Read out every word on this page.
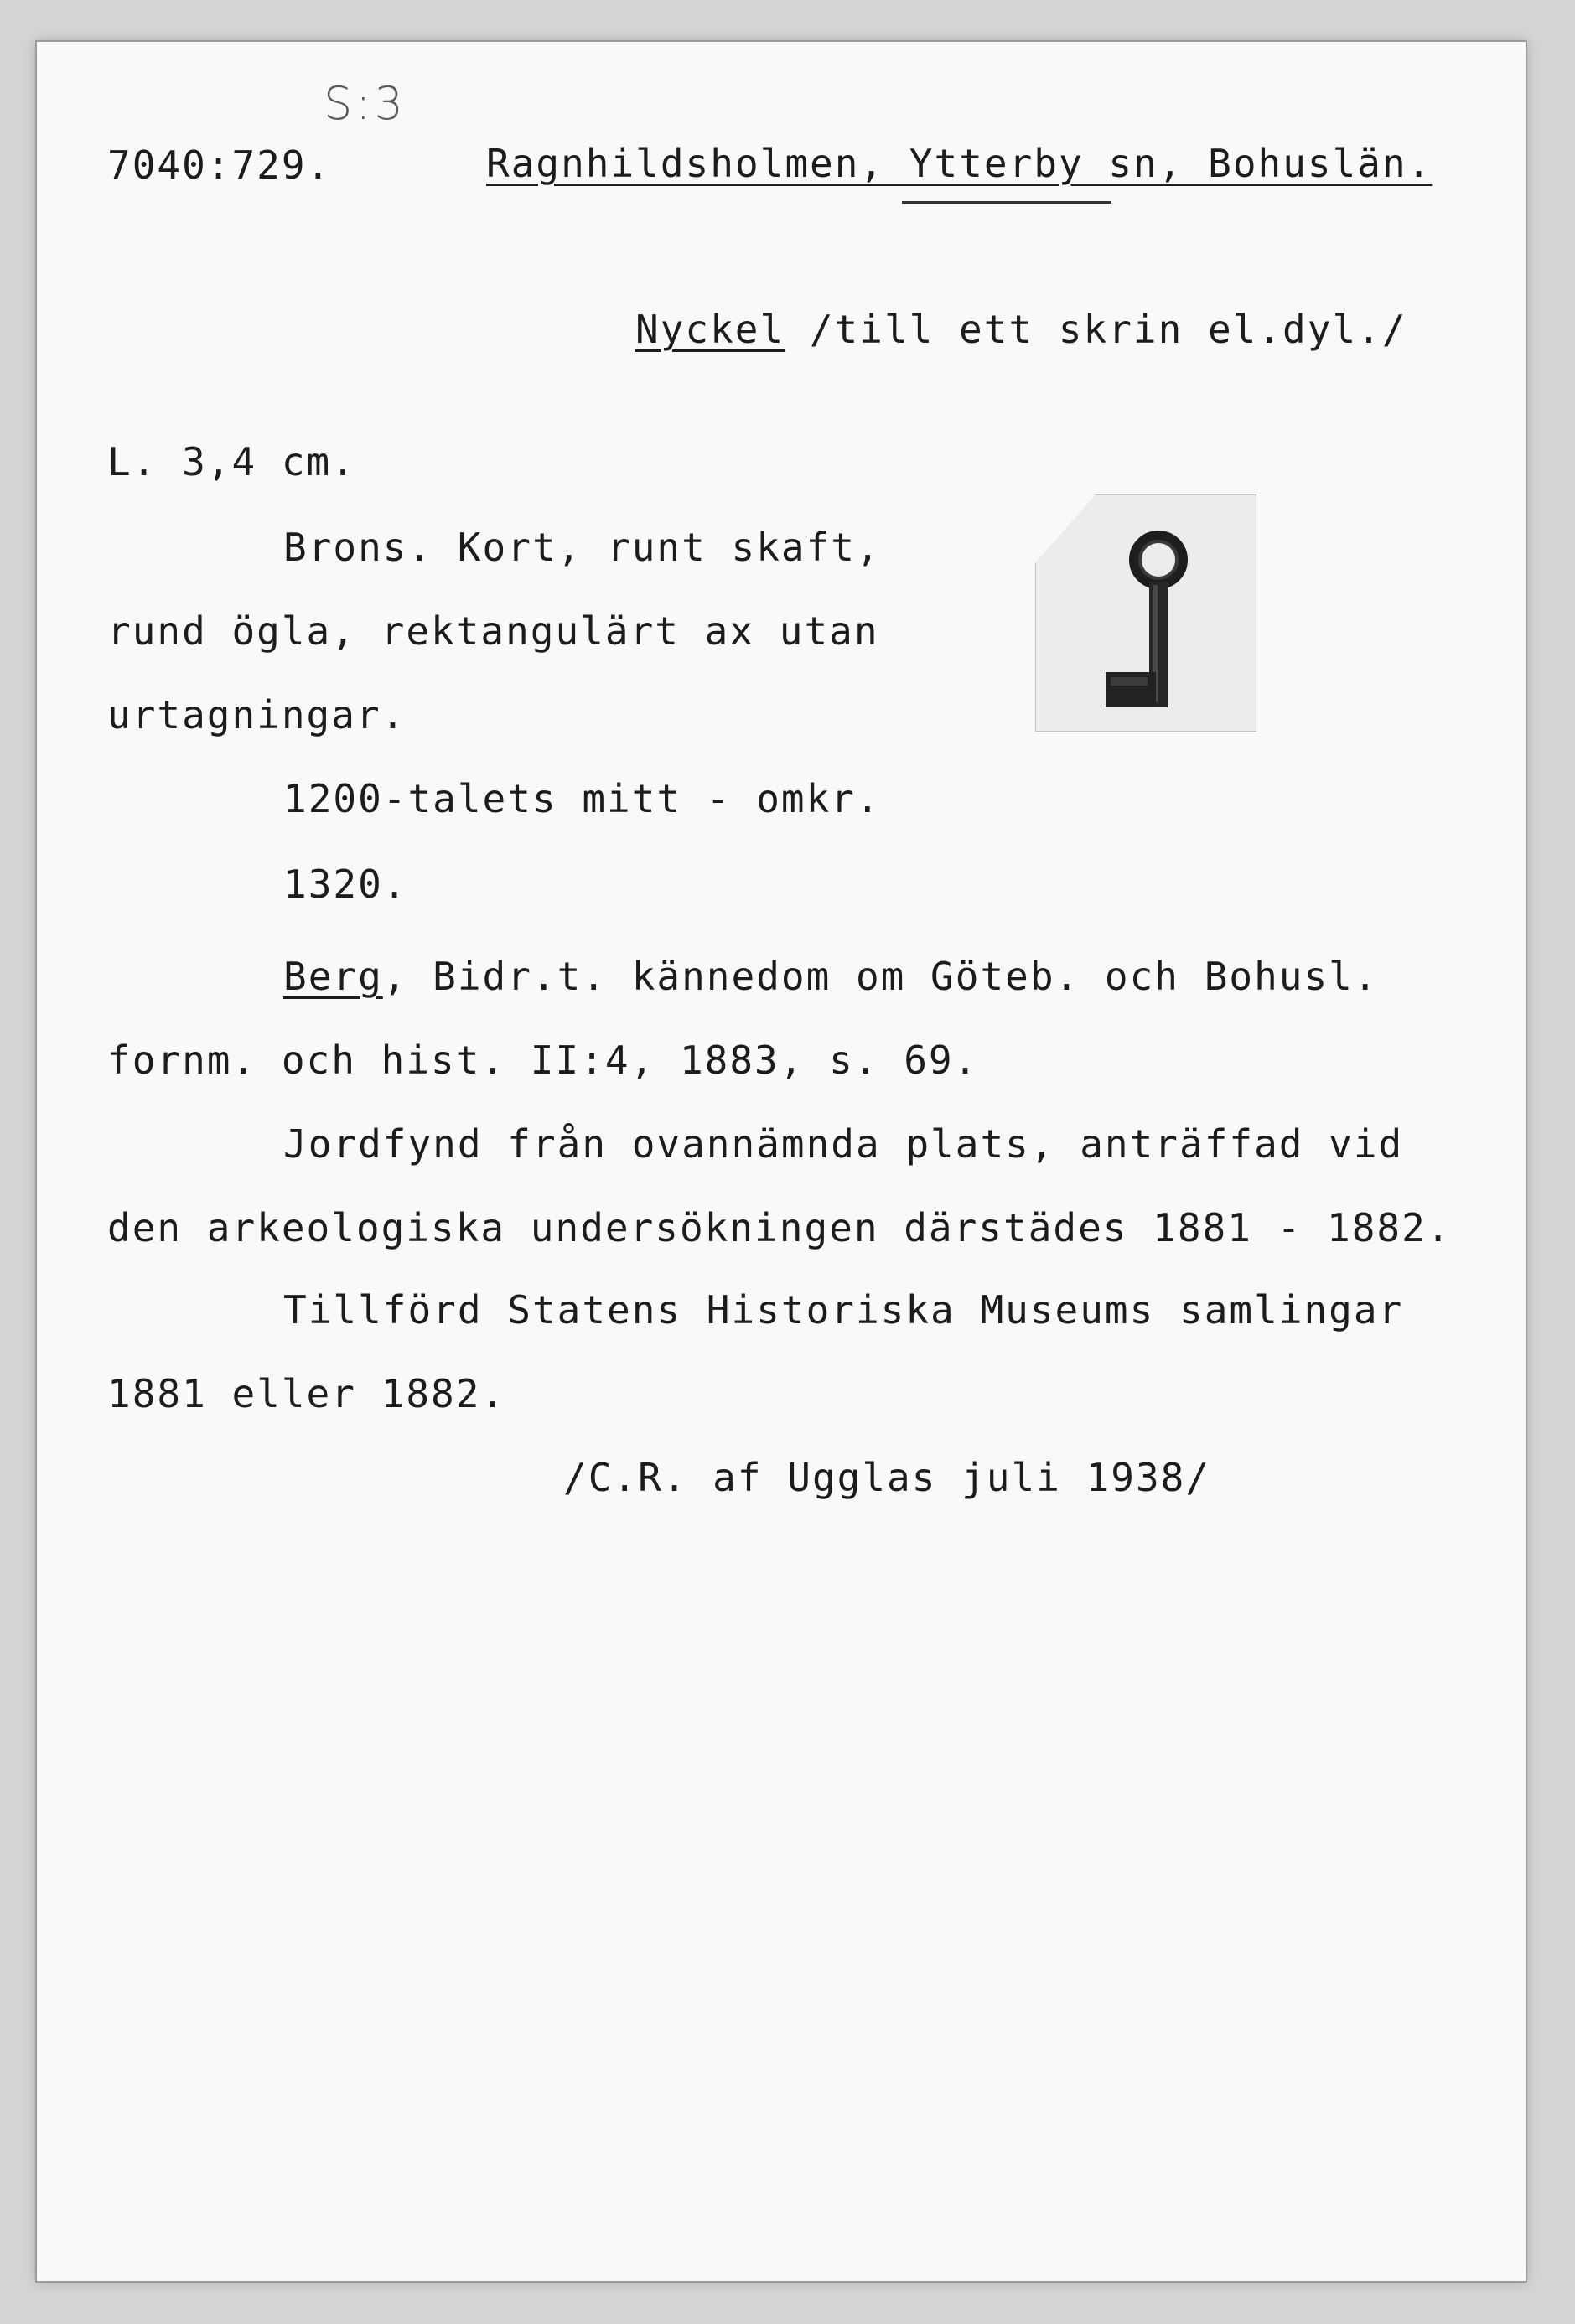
S:3
7040:729.	Ragnhildsholmen, Ytterby sn, Bohuslän.
Nyckel /till ett skrin el.dyl./
L. 3,4 cm.
Brons. Kort, runt skaft,
rund ögla, rektangulärt ax utan
urtagningar.
1200-talets mitt - omkr.
1320.
Berg, Bidr.t. kännedom om Göteb. och Bohusl.
fornm. och hist. II:4, 1883, s. 69.
Jordfynd från ovannämnda plats, anträffad vid
den arkeologiska undersökningen därstädes 1881 - 1882.
Tillförd Statens Historiska Museums samlingar
1881 eller 1882.
/C.R. af Ugglas juli 1938/
